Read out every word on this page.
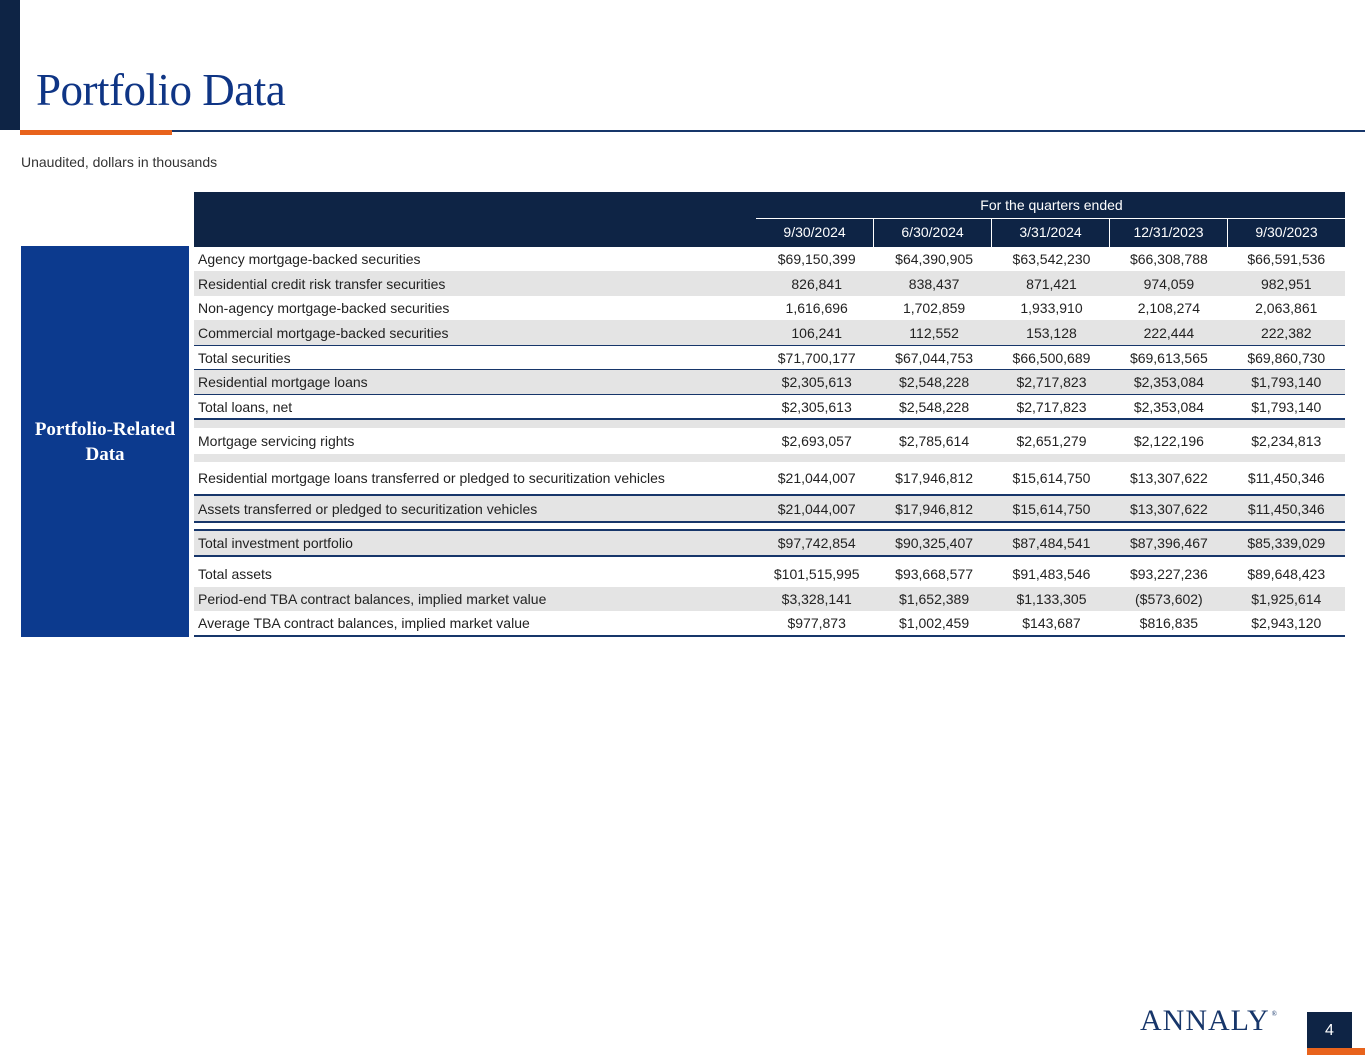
Portfolio Data
Unaudited, dollars in thousands
Portfolio-Related Data
For the quarters ended
9/30/2024	6/30/2024	3/31/2024	12/31/2023	9/30/2023
Agency mortgage-backed securities	$69,150,399	$64,390,905	$63,542,230	$66,308,788	$66,591,536
Residential credit risk transfer securities	826,841	838,437	871,421	974,059	982,951
Non-agency mortgage-backed securities	1,616,696	1,702,859	1,933,910	2,108,274	2,063,861
Commercial mortgage-backed securities	106,241	112,552	153,128	222,444	222,382
Total securities	$71,700,177	$67,044,753	$66,500,689	$69,613,565	$69,860,730
Residential mortgage loans	$2,305,613	$2,548,228	$2,717,823	$2,353,084	$1,793,140
Total loans, net	$2,305,613	$2,548,228	$2,717,823	$2,353,084	$1,793,140
Mortgage servicing rights	$2,693,057	$2,785,614	$2,651,279	$2,122,196	$2,234,813
Residential mortgage loans transferred or pledged to securitization vehicles	$21,044,007	$17,946,812	$15,614,750	$13,307,622	$11,450,346
Assets transferred or pledged to securitization vehicles	$21,044,007	$17,946,812	$15,614,750	$13,307,622	$11,450,346
Total investment portfolio	$97,742,854	$90,325,407	$87,484,541	$87,396,467	$85,339,029
Total assets	$101,515,995	$93,668,577	$91,483,546	$93,227,236	$89,648,423
Period-end TBA contract balances, implied market value	$3,328,141	$1,652,389	$1,133,305	($573,602)	$1,925,614
Average TBA contract balances, implied market value	$977,873	$1,002,459	$143,687	$816,835	$2,943,120
ANNALY ®
4
